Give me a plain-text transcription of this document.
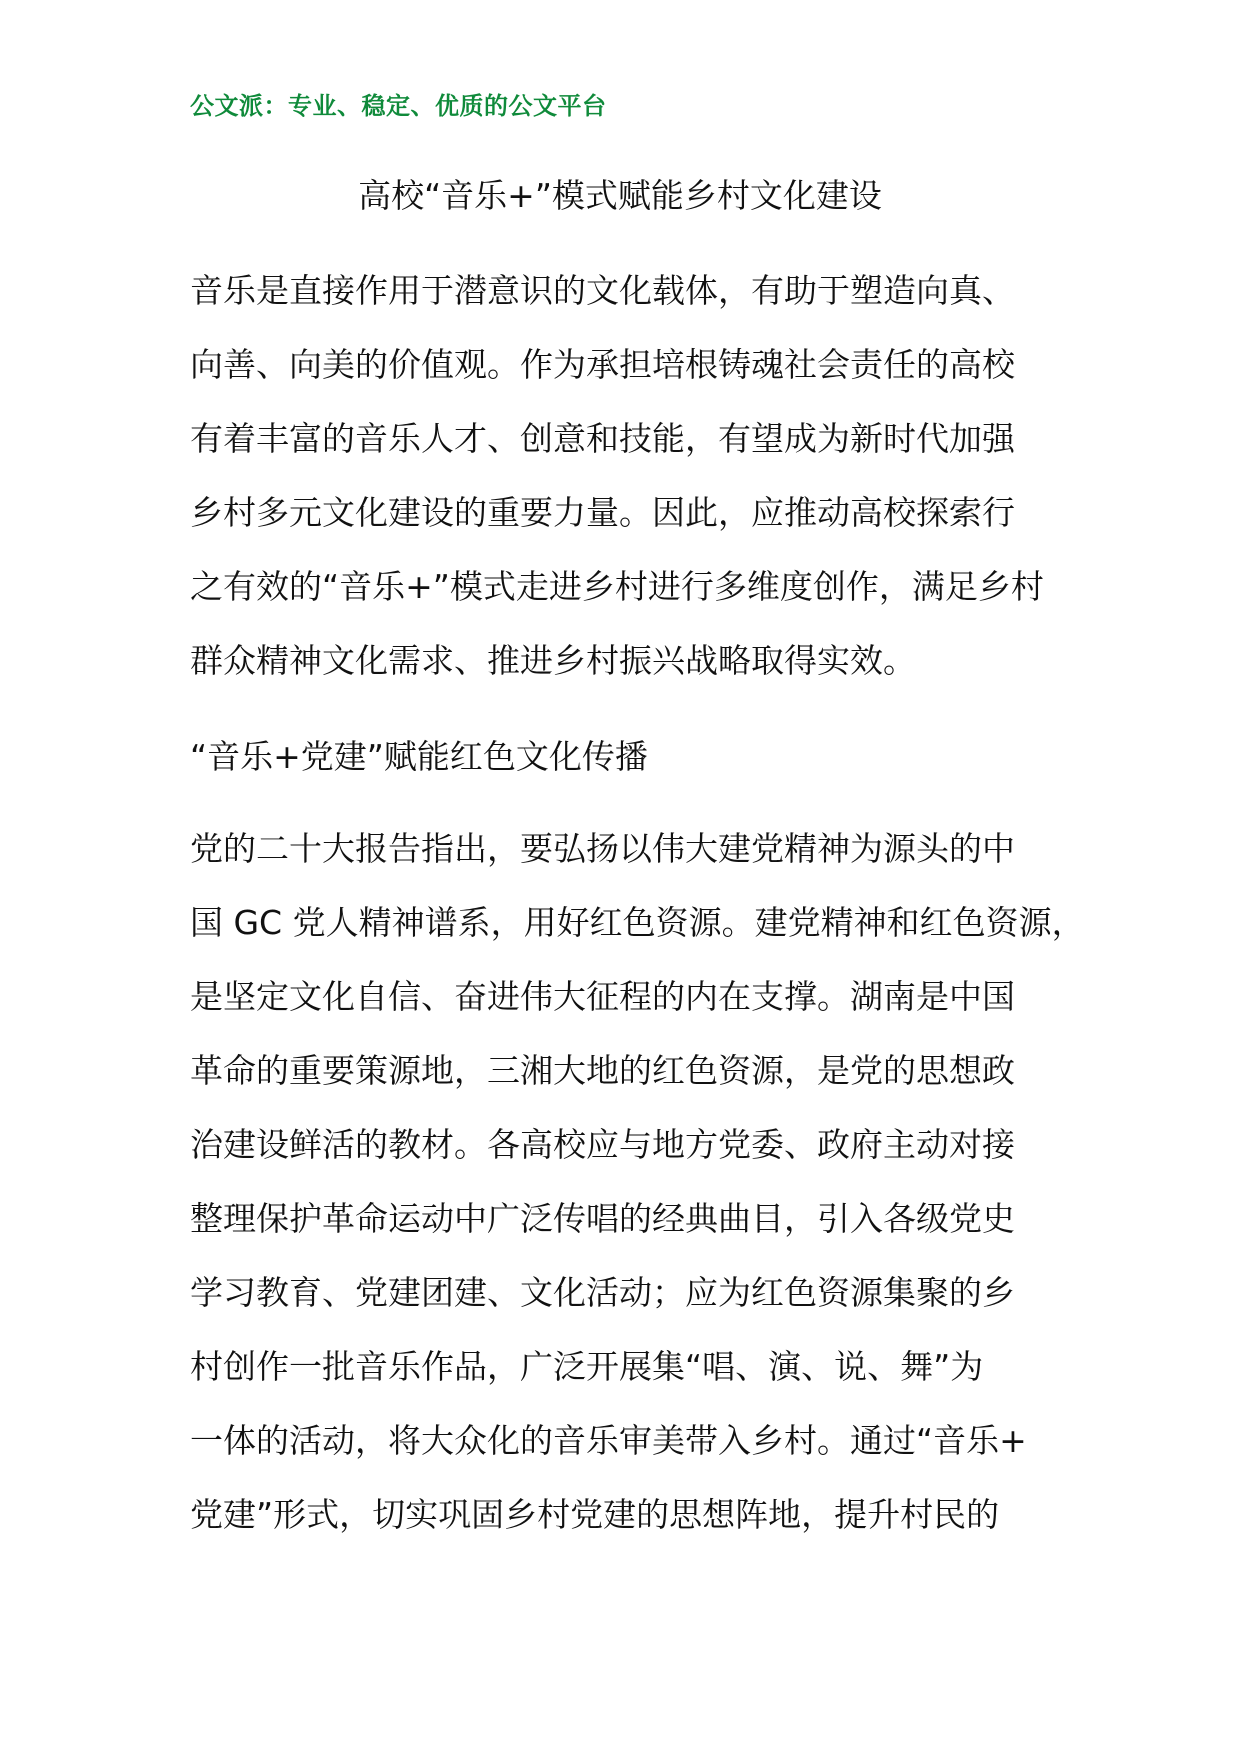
公文派：专业、稳定、优质的公文平台
高校“音乐+”模式赋能乡村文化建设
音乐是直接作用于潜意识的文化载体，有助于塑造向真、
向善、向美的价值观。作为承担培根铸魂社会责任的高校
有着丰富的音乐人才、创意和技能，有望成为新时代加强
乡村多元文化建设的重要力量。因此，应推动高校探索行
之有效的“音乐+”模式走进乡村进行多维度创作，满足乡村
群众精神文化需求、推进乡村振兴战略取得实效。
“音乐+党建”赋能红色文化传播
党的二十大报告指出，要弘扬以伟大建党精神为源头的中
国 GC 党人精神谱系，用好红色资源。建党精神和红色资源，
是坚定文化自信、奋进伟大征程的内在支撑。湖南是中国
革命的重要策源地，三湘大地的红色资源，是党的思想政
治建设鲜活的教材。各高校应与地方党委、政府主动对接
整理保护革命运动中广泛传唱的经典曲目，引入各级党史
学习教育、党建团建、文化活动；应为红色资源集聚的乡
村创作一批音乐作品，广泛开展集“唱、演、说、舞”为
一体的活动，将大众化的音乐审美带入乡村。通过“音乐+
党建”形式，切实巩固乡村党建的思想阵地，提升村民的
